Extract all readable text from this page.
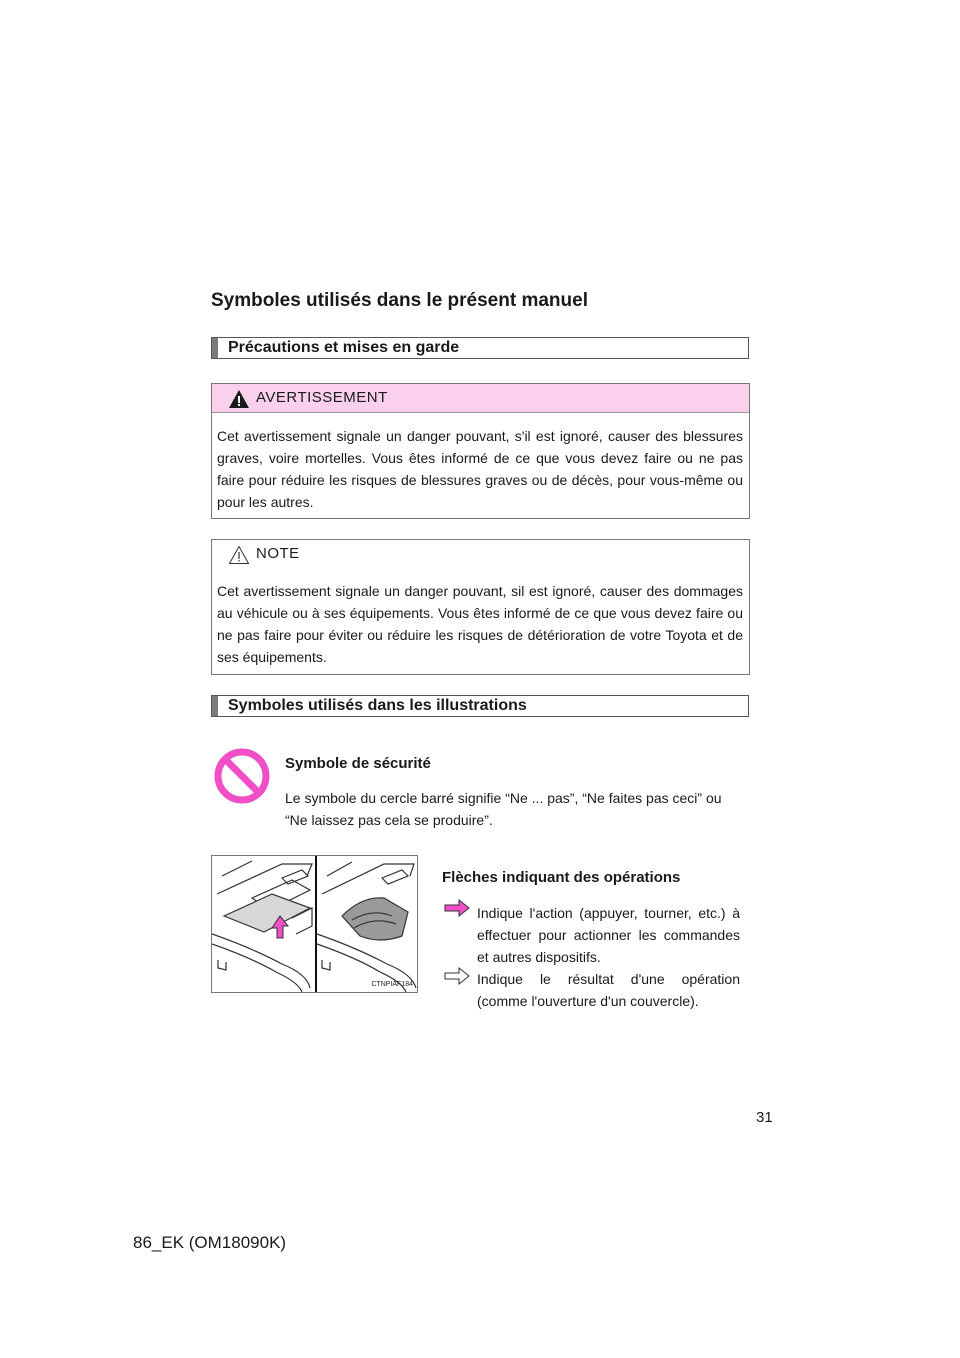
Symboles utilisés dans le présent manuel
Précautions et mises en garde
AVERTISSEMENT
Cet avertissement signale un danger pouvant, s'il est ignoré, causer des blessures graves, voire mortelles. Vous êtes informé de ce que vous devez faire ou ne pas faire pour réduire les risques de blessures graves ou de décès, pour vous-même ou pour les autres.
NOTE
Cet avertissement signale un danger pouvant, sil est ignoré, causer des dommages au véhicule ou à ses équipements. Vous êtes informé de ce que vous devez faire ou ne pas faire pour éviter ou réduire les risques de détérioration de votre Toyota et de ses équipements.
Symboles utilisés dans les illustrations
Symbole de sécurité
Le symbole du cercle barré signifie “Ne ... pas”, “Ne faites pas ceci” ou “Ne laissez pas cela se produire”.
CTNPIAF184
Flèches indiquant des opérations
Indique l'action (appuyer, tourner, etc.) à effectuer pour actionner les commandes et autres dispositifs.
Indique le résultat d'une opération (comme l'ouverture d'un couvercle).
31
86_EK (OM18090K)
